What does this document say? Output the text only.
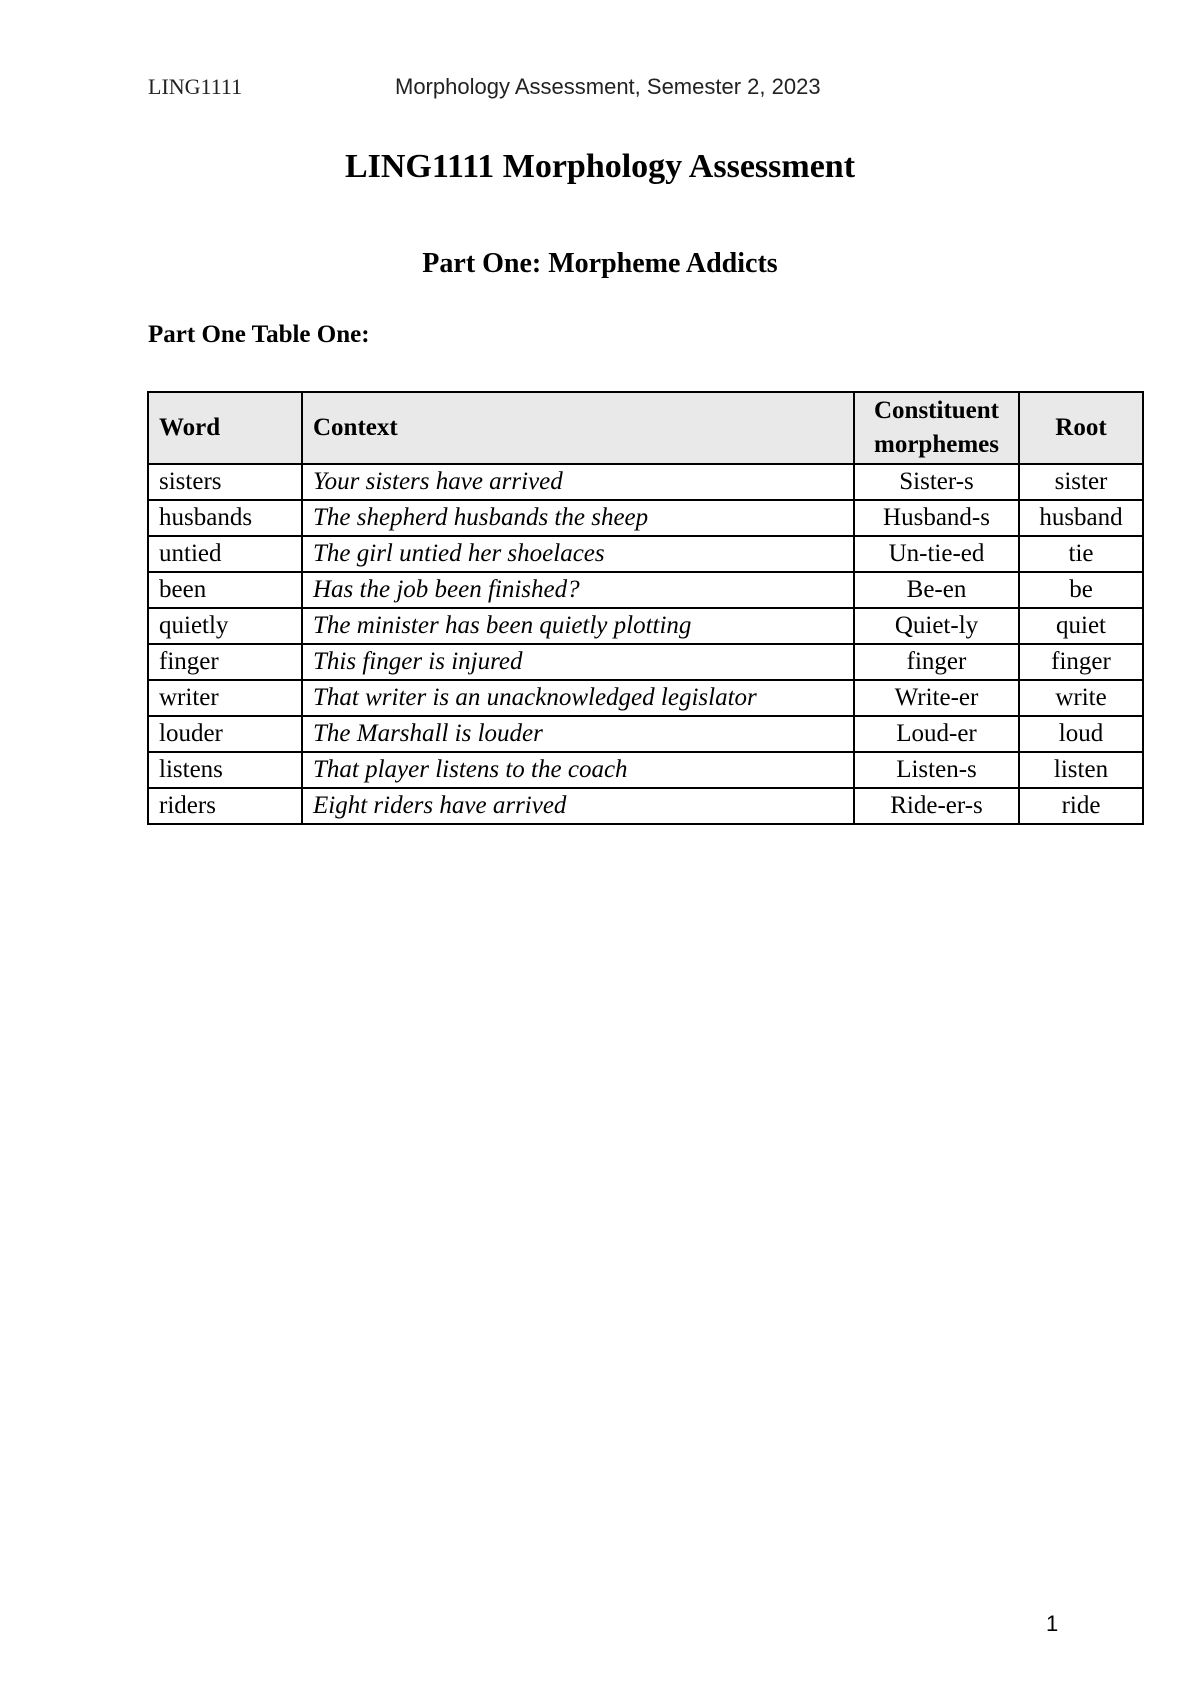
LING1111	Morphology Assessment, Semester 2, 2023
LING1111 Morphology Assessment
Part One: Morpheme Addicts
Part One Table One:
Word	Context	Constituent morphemes	Root
sisters	Your sisters have arrived	Sister-s	sister
husbands	The shepherd husbands the sheep	Husband-s	husband
untied	The girl untied her shoelaces	Un-tie-ed	tie
been	Has the job been finished?	Be-en	be
quietly	The minister has been quietly plotting	Quiet-ly	quiet
finger	This finger is injured	finger	finger
writer	That writer is an unacknowledged legislator	Write-er	write
louder	The Marshall is louder	Loud-er	loud
listens	That player listens to the coach	Listen-s	listen
riders	Eight riders have arrived	Ride-er-s	ride
1
